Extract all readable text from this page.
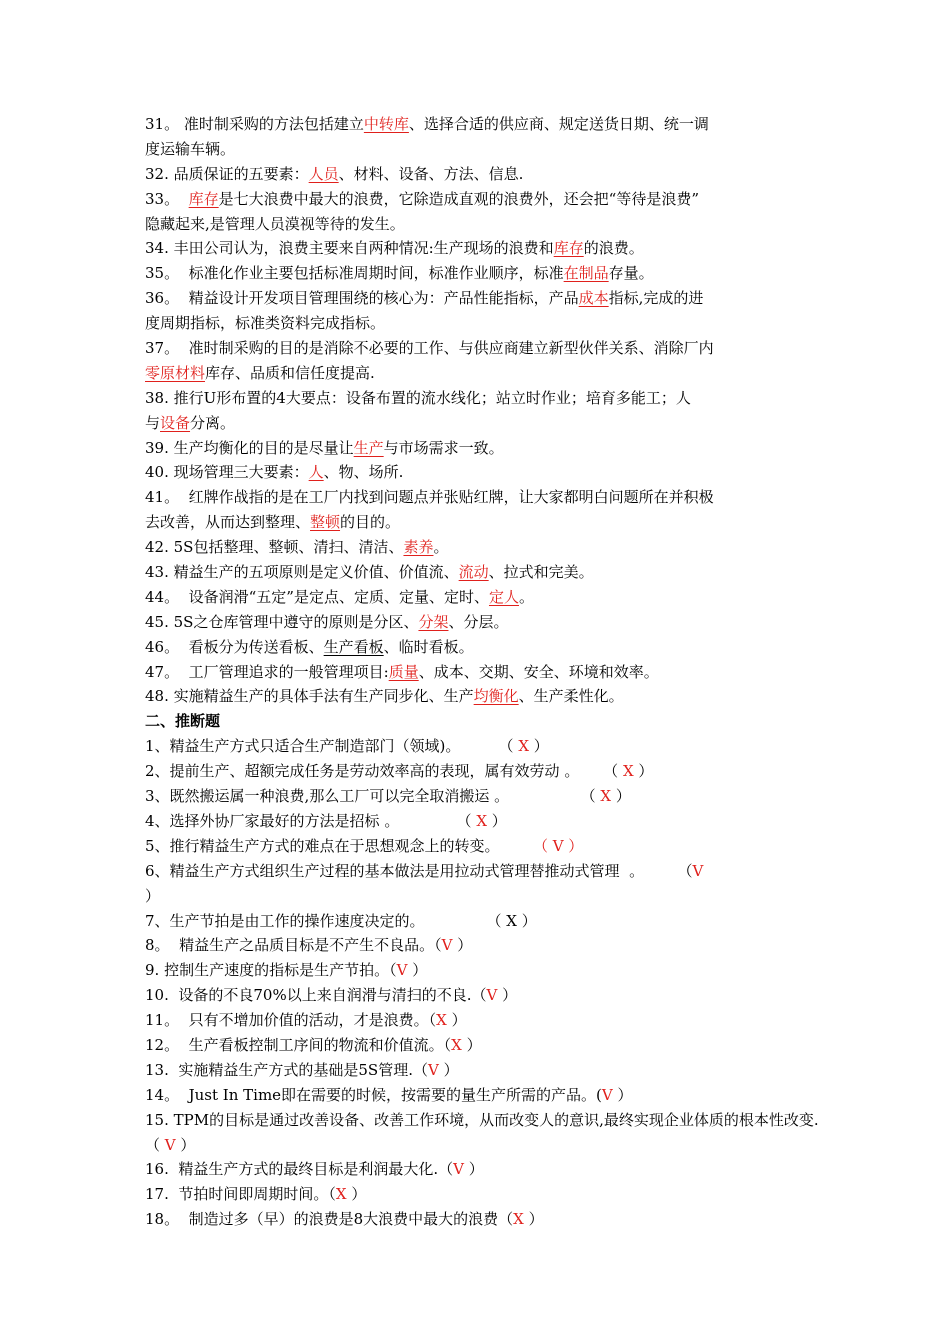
31。 准时制采购的方法包括建立中转库、选择合适的供应商、规定送货日期、统一调
度运输车辆。
32. 品质保证的五要素：人员、材料、设备、方法、信息.
33。 库存是七大浪费中最大的浪费，它除造成直观的浪费外，还会把“等待是浪费”
隐藏起来,是管理人员漠视等待的发生。
34. 丰田公司认为，浪费主要来自两种情况:生产现场的浪费和库存的浪费。
35。  标准化作业主要包括标准周期时间，标准作业顺序，标准在制品存量。
36。  精益设计开发项目管理围绕的核心为：产品性能指标，产品成本指标,完成的进
度周期指标，标准类资料完成指标。
37。  准时制采购的目的是消除不必要的工作、与供应商建立新型伙伴关系、消除厂内
零原材料库存、品质和信任度提高.
38. 推行U形布置的4大要点：设备布置的流水线化；站立时作业；培育多能工；人
与设备分离。
39. 生产均衡化的目的是尽量让生产与市场需求一致。
40. 现场管理三大要素：人、物、场所.
41。  红牌作战指的是在工厂内找到问题点并张贴红牌，让大家都明白问题所在并积极
去改善，从而达到整理、整顿的目的。
42. 5S包括整理、整顿、清扫、清洁、素养。
43. 精益生产的五项原则是定义价值、价值流、流动、拉式和完美。
44。  设备润滑“五定”是定点、定质、定量、定时、定人。
45. 5S之仓库管理中遵守的原则是分区、分架、分层。
46。  看板分为传送看板、生产看板、临时看板。
47。  工厂管理追求的一般管理项目:质量、成本、交期、安全、环境和效率。
48. 实施精益生产的具体手法有生产同步化、生产均衡化、生产柔性化。
二、推断题
1、精益生产方式只适合生产制造部门（领域)。        （ X ）
2、提前生产、超额完成任务是劳动效率高的表现，属有效劳动 。     （ X ）
3、既然搬运属一种浪费,那么工厂可以完全取消搬运 。               （ X ）
4、选择外协厂家最好的方法是招标 。            （ X ）
5、推行精益生产方式的难点在于思想观念上的转变。       （ V ）
6、精益生产方式组织生产过程的基本做法是用拉动式管理替推动式管理  。       （V
）
7、生产节拍是由工作的操作速度决定的。             （ X ）
8。  精益生产之品质目标是不产生不良品。（V ）
9. 控制生产速度的指标是生产节拍。（V ）
10.  设备的不良70%以上来自润滑与清扫的不良.（V ）
11。  只有不增加价值的活动，才是浪费。（X ）
12。  生产看板控制工序间的物流和价值流。（X ）
13.  实施精益生产方式的基础是5S管理.（V ）
14。  Just In Time即在需要的时候，按需要的量生产所需的产品。(V ）
15. TPM的目标是通过改善设备、改善工作环境，从而改变人的意识,最终实现企业体质的根本性改变.
（ V ）
16.  精益生产方式的最终目标是利润最大化.（V ）
17.  节拍时间即周期时间。（X ）
18。  制造过多（早）的浪费是8大浪费中最大的浪费（X ）
